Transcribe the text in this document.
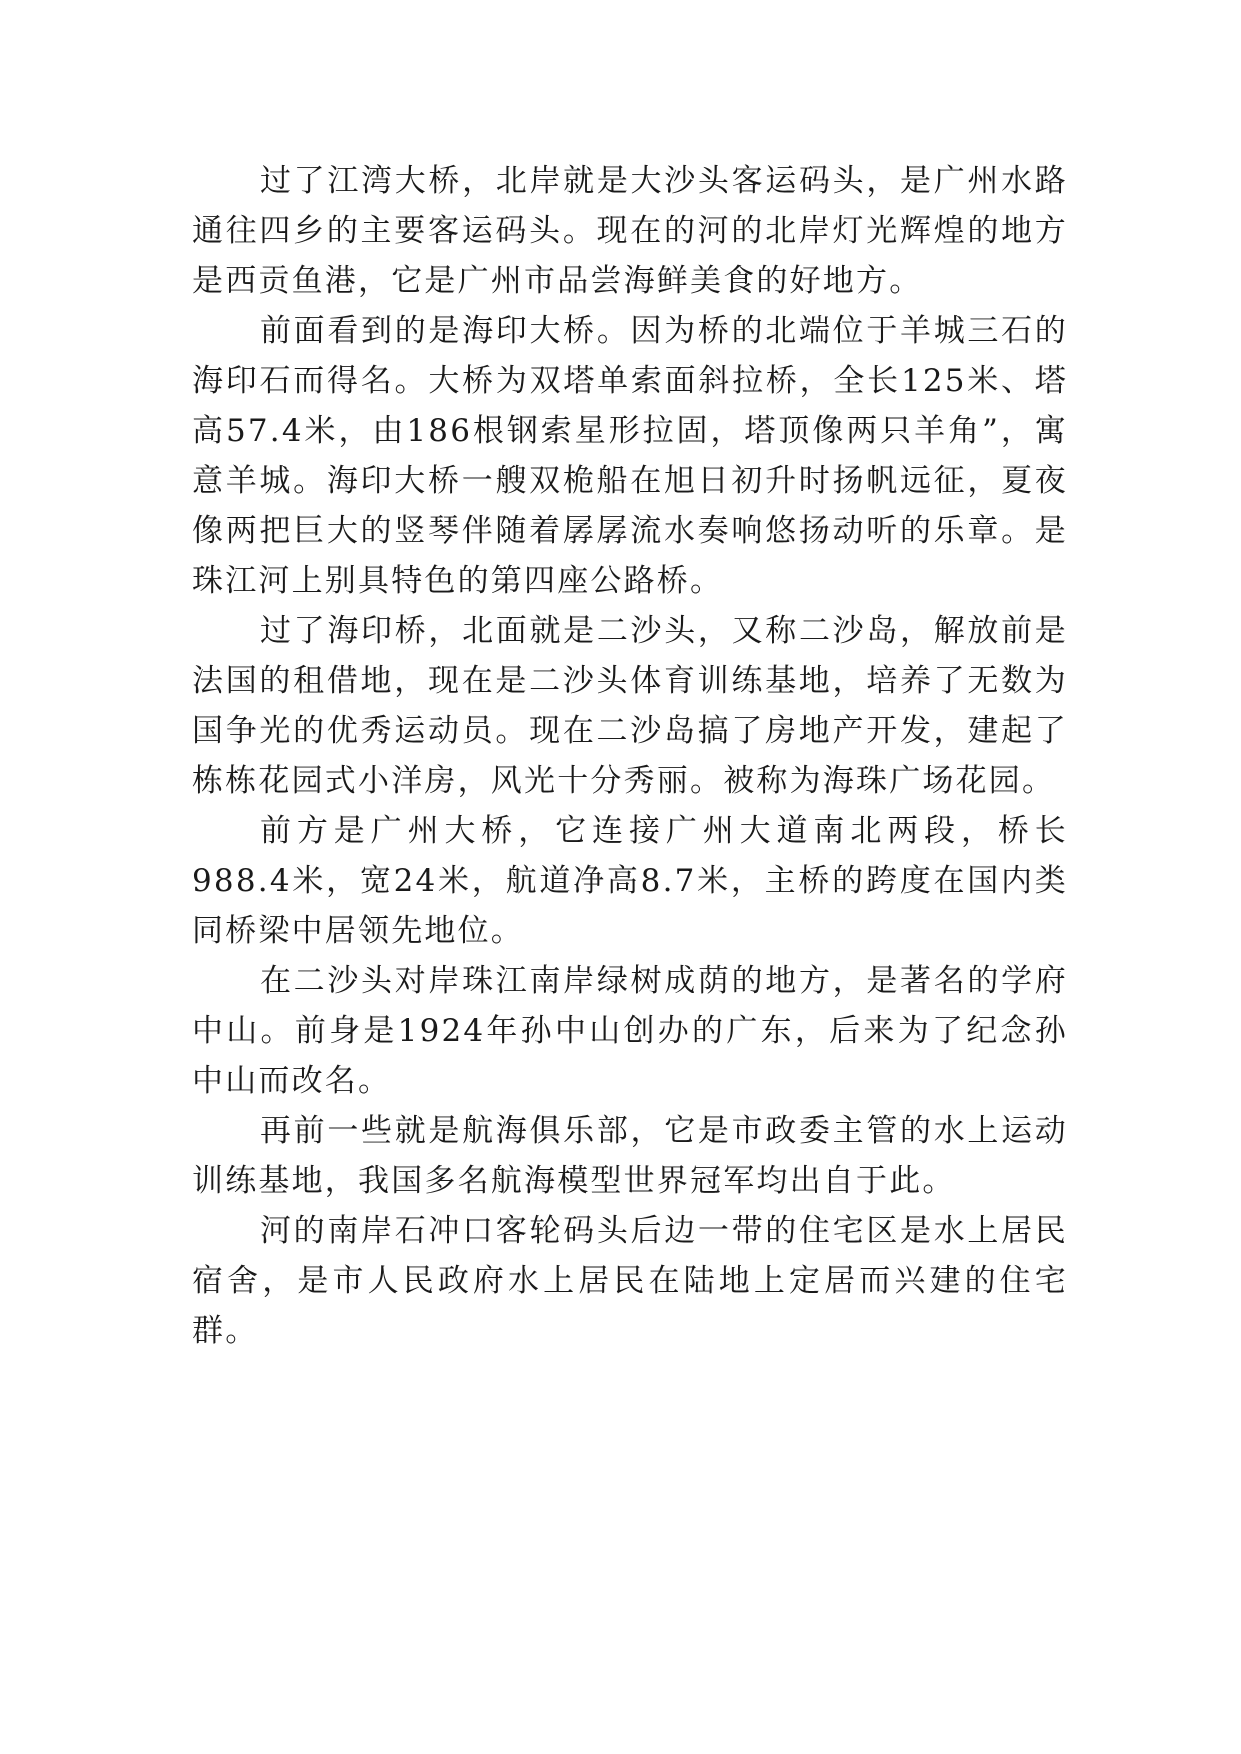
过了江湾大桥，北岸就是大沙头客运码头，是广州水路通往四乡的主要客运码头。现在的河的北岸灯光辉煌的地方是西贡鱼港，它是广州市品尝海鲜美食的好地方。

前面看到的是海印大桥。因为桥的北端位于羊城三石的海印石而得名。大桥为双塔单索面斜拉桥，全长125米、塔高57.4米，由186根钢索星形拉固，塔顶像两只羊角”，寓意羊城。海印大桥一艘双桅船在旭日初升时扬帆远征，夏夜像两把巨大的竖琴伴随着孱孱流水奏响悠扬动听的乐章。是珠江河上别具特色的第四座公路桥。

过了海印桥，北面就是二沙头，又称二沙岛，解放前是法国的租借地，现在是二沙头体育训练基地，培养了无数为国争光的优秀运动员。现在二沙岛搞了房地产开发，建起了栋栋花园式小洋房，风光十分秀丽。被称为海珠广场花园。

前方是广州大桥，它连接广州大道南北两段，桥长988.4米，宽24米，航道净高8.7米，主桥的跨度在国内类同桥梁中居领先地位。

在二沙头对岸珠江南岸绿树成荫的地方，是著名的学府中山。前身是1924年孙中山创办的广东，后来为了纪念孙中山而改名。

再前一些就是航海俱乐部，它是市政委主管的水上运动训练基地，我国多名航海模型世界冠军均出自于此。

河的南岸石冲口客轮码头后边一带的住宅区是水上居民宿舍，是市人民政府水上居民在陆地上定居而兴建的住宅群。
